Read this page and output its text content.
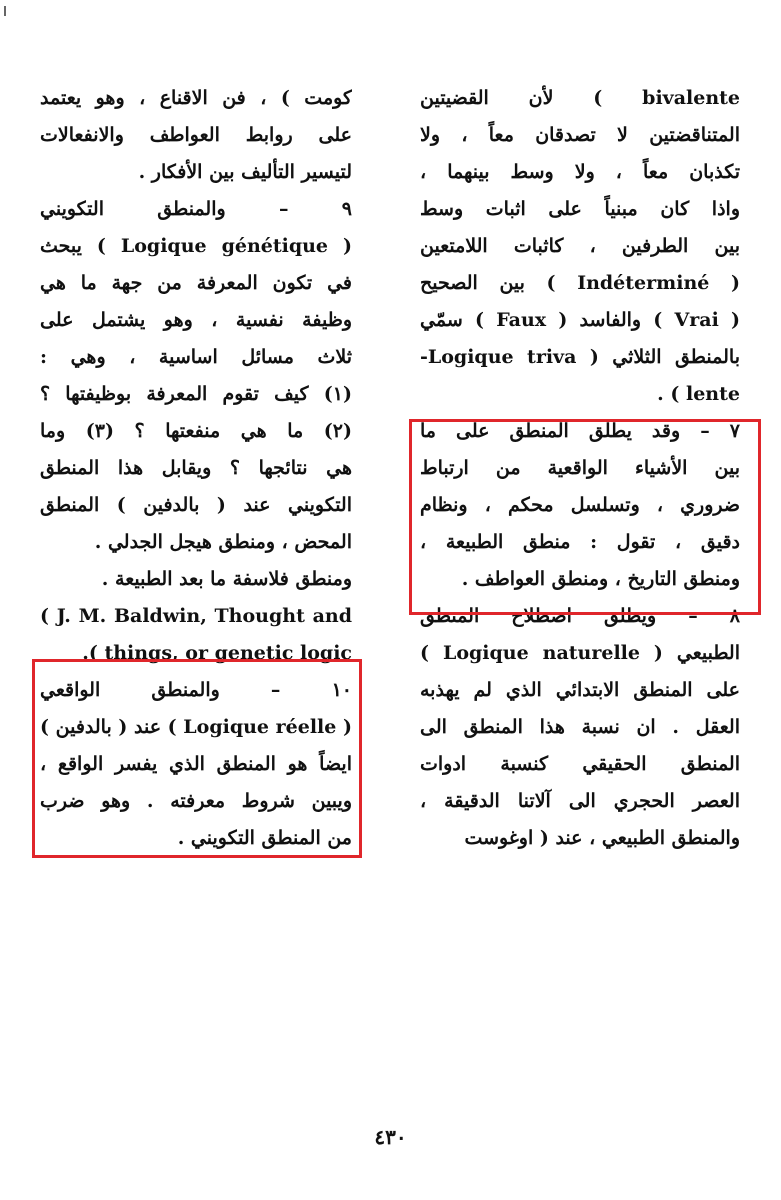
bivalente ) لأن القضيتين
المتناقضتين لا تصدقان معاً ، ولا
تكذبان معاً ، ولا وسط بينهما ،
واذا كان مبنياً على اثبات وسط
بين الطرفين ، كاثبات اللامتعين
( Indéterminé ) بين الصحيح
( Vrai ) والفاسد ( Faux ) سمّي
بالمنطق الثلاثي ( Logique triva-
lente ) .
٧ – وقد يطلق المنطق على ما
بين الأشياء الواقعية من ارتباط
ضروري ، وتسلسل محكم ، ونظام
دقيق ، تقول : منطق الطبيعة ،
ومنطق التاريخ ، ومنطق العواطف .
٨ – ويطلق اصطلاح المنطق
الطبيعي ( Logique naturelle )
على المنطق الابتدائي الذي لم يهذبه
العقل . ان نسبة هذا المنطق الى
المنطق الحقيقي كنسبة ادوات
العصر الحجري الى آلاتنا الدقيقة ،
والمنطق الطبيعي ، عند ( اوغوست
كومت ) ، فن الاقناع ، وهو يعتمد
على روابط العواطف والانفعالات
لتيسير التأليف بين الأفكار .
٩ – والمنطق التكويني
( Logique génétique ) يبحث
في تكون المعرفة من جهة ما هي
وظيفة نفسية ، وهو يشتمل على
ثلاث مسائل اساسية ، وهي :
(١) كيف تقوم المعرفة بوظيفتها ؟
(٢) ما هي منفعتها ؟ (٣) وما
هي نتائجها ؟ ويقابل هذا المنطق
التكويني عند ( بالدفين ) المنطق
المحض ، ومنطق هيجل الجدلي .
ومنطق فلاسفة ما بعد الطبيعة .
J. M. Baldwin, Thought and )
things, or genetic logic ).
١٠ – والمنطق الواقعي
( Logique réelle ) عند ( بالدفين )
ايضاً هو المنطق الذي يفسر الواقع ،
ويبين شروط معرفته . وهو ضرب
من المنطق التكويني .
٤٣٠
